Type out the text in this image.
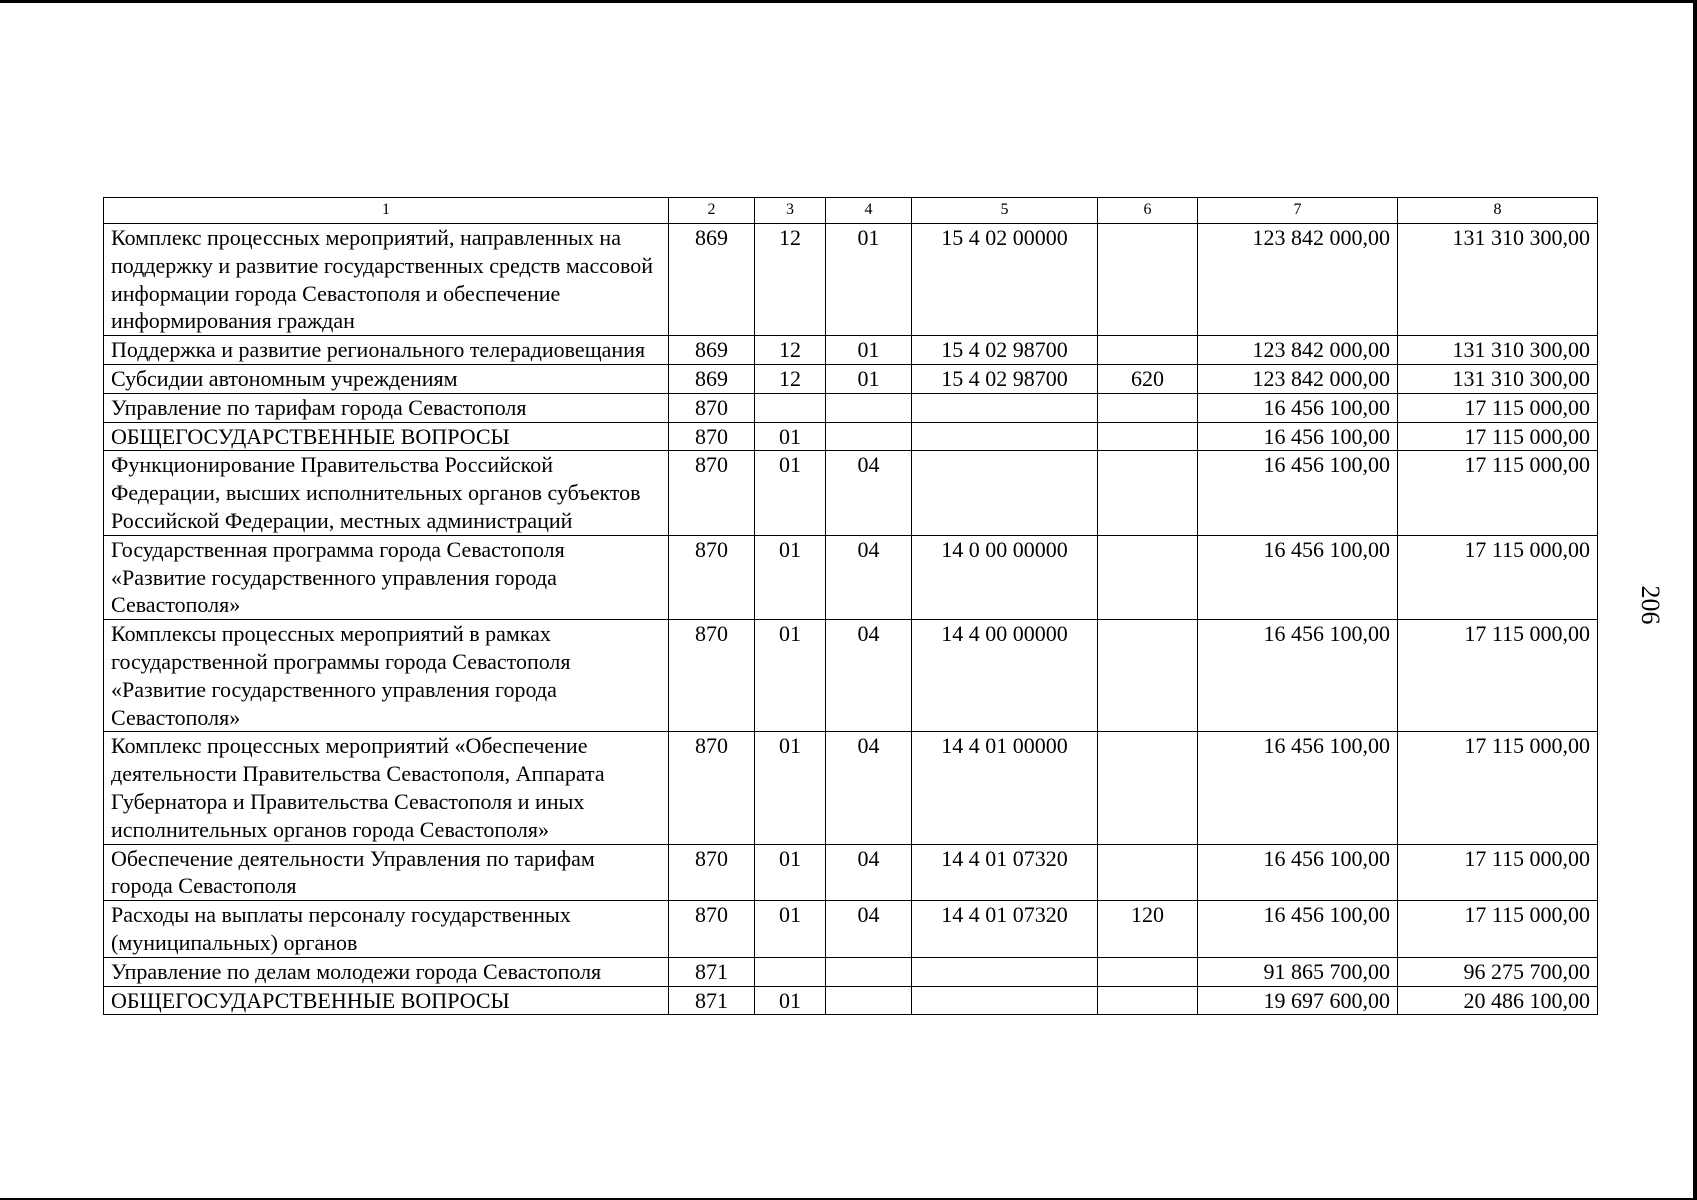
1	2	3	4	5	6	7	8
Комплекс процессных мероприятий, направленных на поддержку и развитие государственных средств массовой информации города Севастополя и обеспечение информирования граждан	869	12	01	15 4 02 00000		123 842 000,00	131 310 300,00
Поддержка и развитие регионального телерадиовещания	869	12	01	15 4 02 98700		123 842 000,00	131 310 300,00
Субсидии автономным учреждениям	869	12	01	15 4 02 98700	620	123 842 000,00	131 310 300,00
Управление по тарифам города Севастополя	870					16 456 100,00	17 115 000,00
ОБЩЕГОСУДАРСТВЕННЫЕ ВОПРОСЫ	870	01				16 456 100,00	17 115 000,00
Функционирование Правительства Российской Федерации, высших исполнительных органов субъектов Российской Федерации, местных администраций	870	01	04			16 456 100,00	17 115 000,00
Государственная программа города Севастополя «Развитие государственного управления города Севастополя»	870	01	04	14 0 00 00000		16 456 100,00	17 115 000,00
Комплексы процессных мероприятий в рамках государственной программы города Севастополя «Развитие государственного управления города Севастополя»	870	01	04	14 4 00 00000		16 456 100,00	17 115 000,00
Комплекс процессных мероприятий «Обеспечение деятельности Правительства Севастополя, Аппарата Губернатора и Правительства Севастополя и иных исполнительных органов города Севастополя»	870	01	04	14 4 01 00000		16 456 100,00	17 115 000,00
Обеспечение деятельности Управления по тарифам города Севастополя	870	01	04	14 4 01 07320		16 456 100,00	17 115 000,00
Расходы на выплаты персоналу государственных (муниципальных) органов	870	01	04	14 4 01 07320	120	16 456 100,00	17 115 000,00
Управление по делам молодежи города Севастополя	871					91 865 700,00	96 275 700,00
ОБЩЕГОСУДАРСТВЕННЫЕ ВОПРОСЫ	871	01				19 697 600,00	20 486 100,00
206
